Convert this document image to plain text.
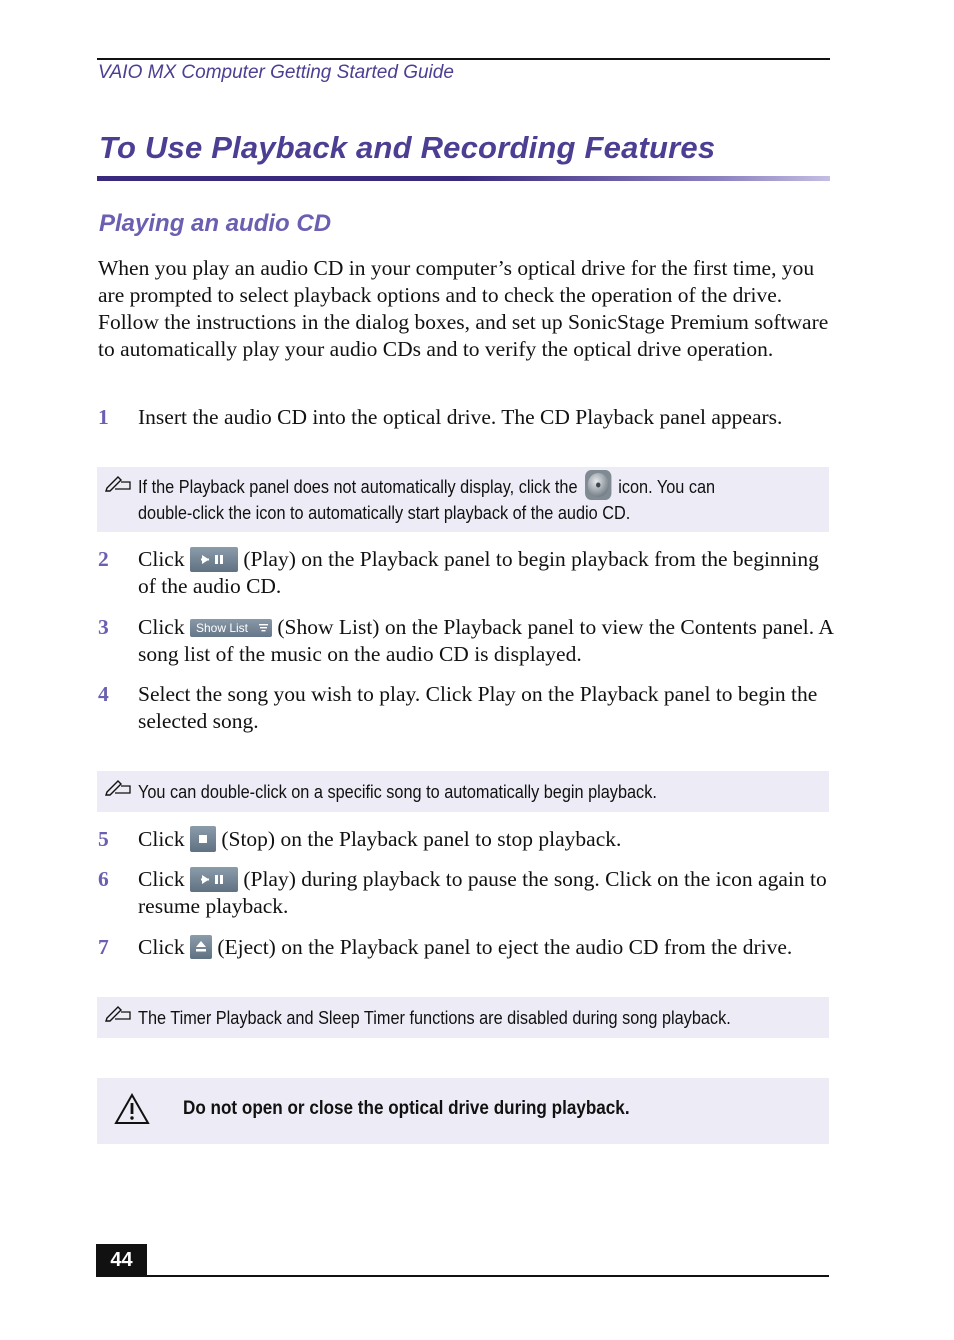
VAIO MX Computer Getting Started Guide
To Use Playback and Recording Features
Playing an audio CD
When you play an audio CD in your computer’s optical drive for the first time, you are prompted to select playback options and to check the operation of the drive. Follow the instructions in the dialog boxes, and set up SonicStage Premium software to automatically play your audio CDs and to verify the optical drive operation.
1	Insert the audio CD into the optical drive. The CD Playback panel appears.
If the Playback panel does not automatically display, click the icon. You can
double-click the icon to automatically start playback of the audio CD.
2	Click	(Play) on the Playback panel to begin playback from the beginning of the audio CD.
3	Click Show List (Show List) on the Playback panel to view the Contents panel. A song list of the music on the audio CD is displayed.
4	Select the song you wish to play. Click Play on the Playback panel to begin the selected song.
You can double-click on a specific song to automatically begin playback.
5	Click (Stop) on the Playback panel to stop playback.
6	Click	(Play) during playback to pause the song. Click on the icon again to resume playback.
7	Click (Eject) on the Playback panel to eject the audio CD from the drive.
The Timer Playback and Sleep Timer functions are disabled during song playback.
Do not open or close the optical drive during playback.
44
